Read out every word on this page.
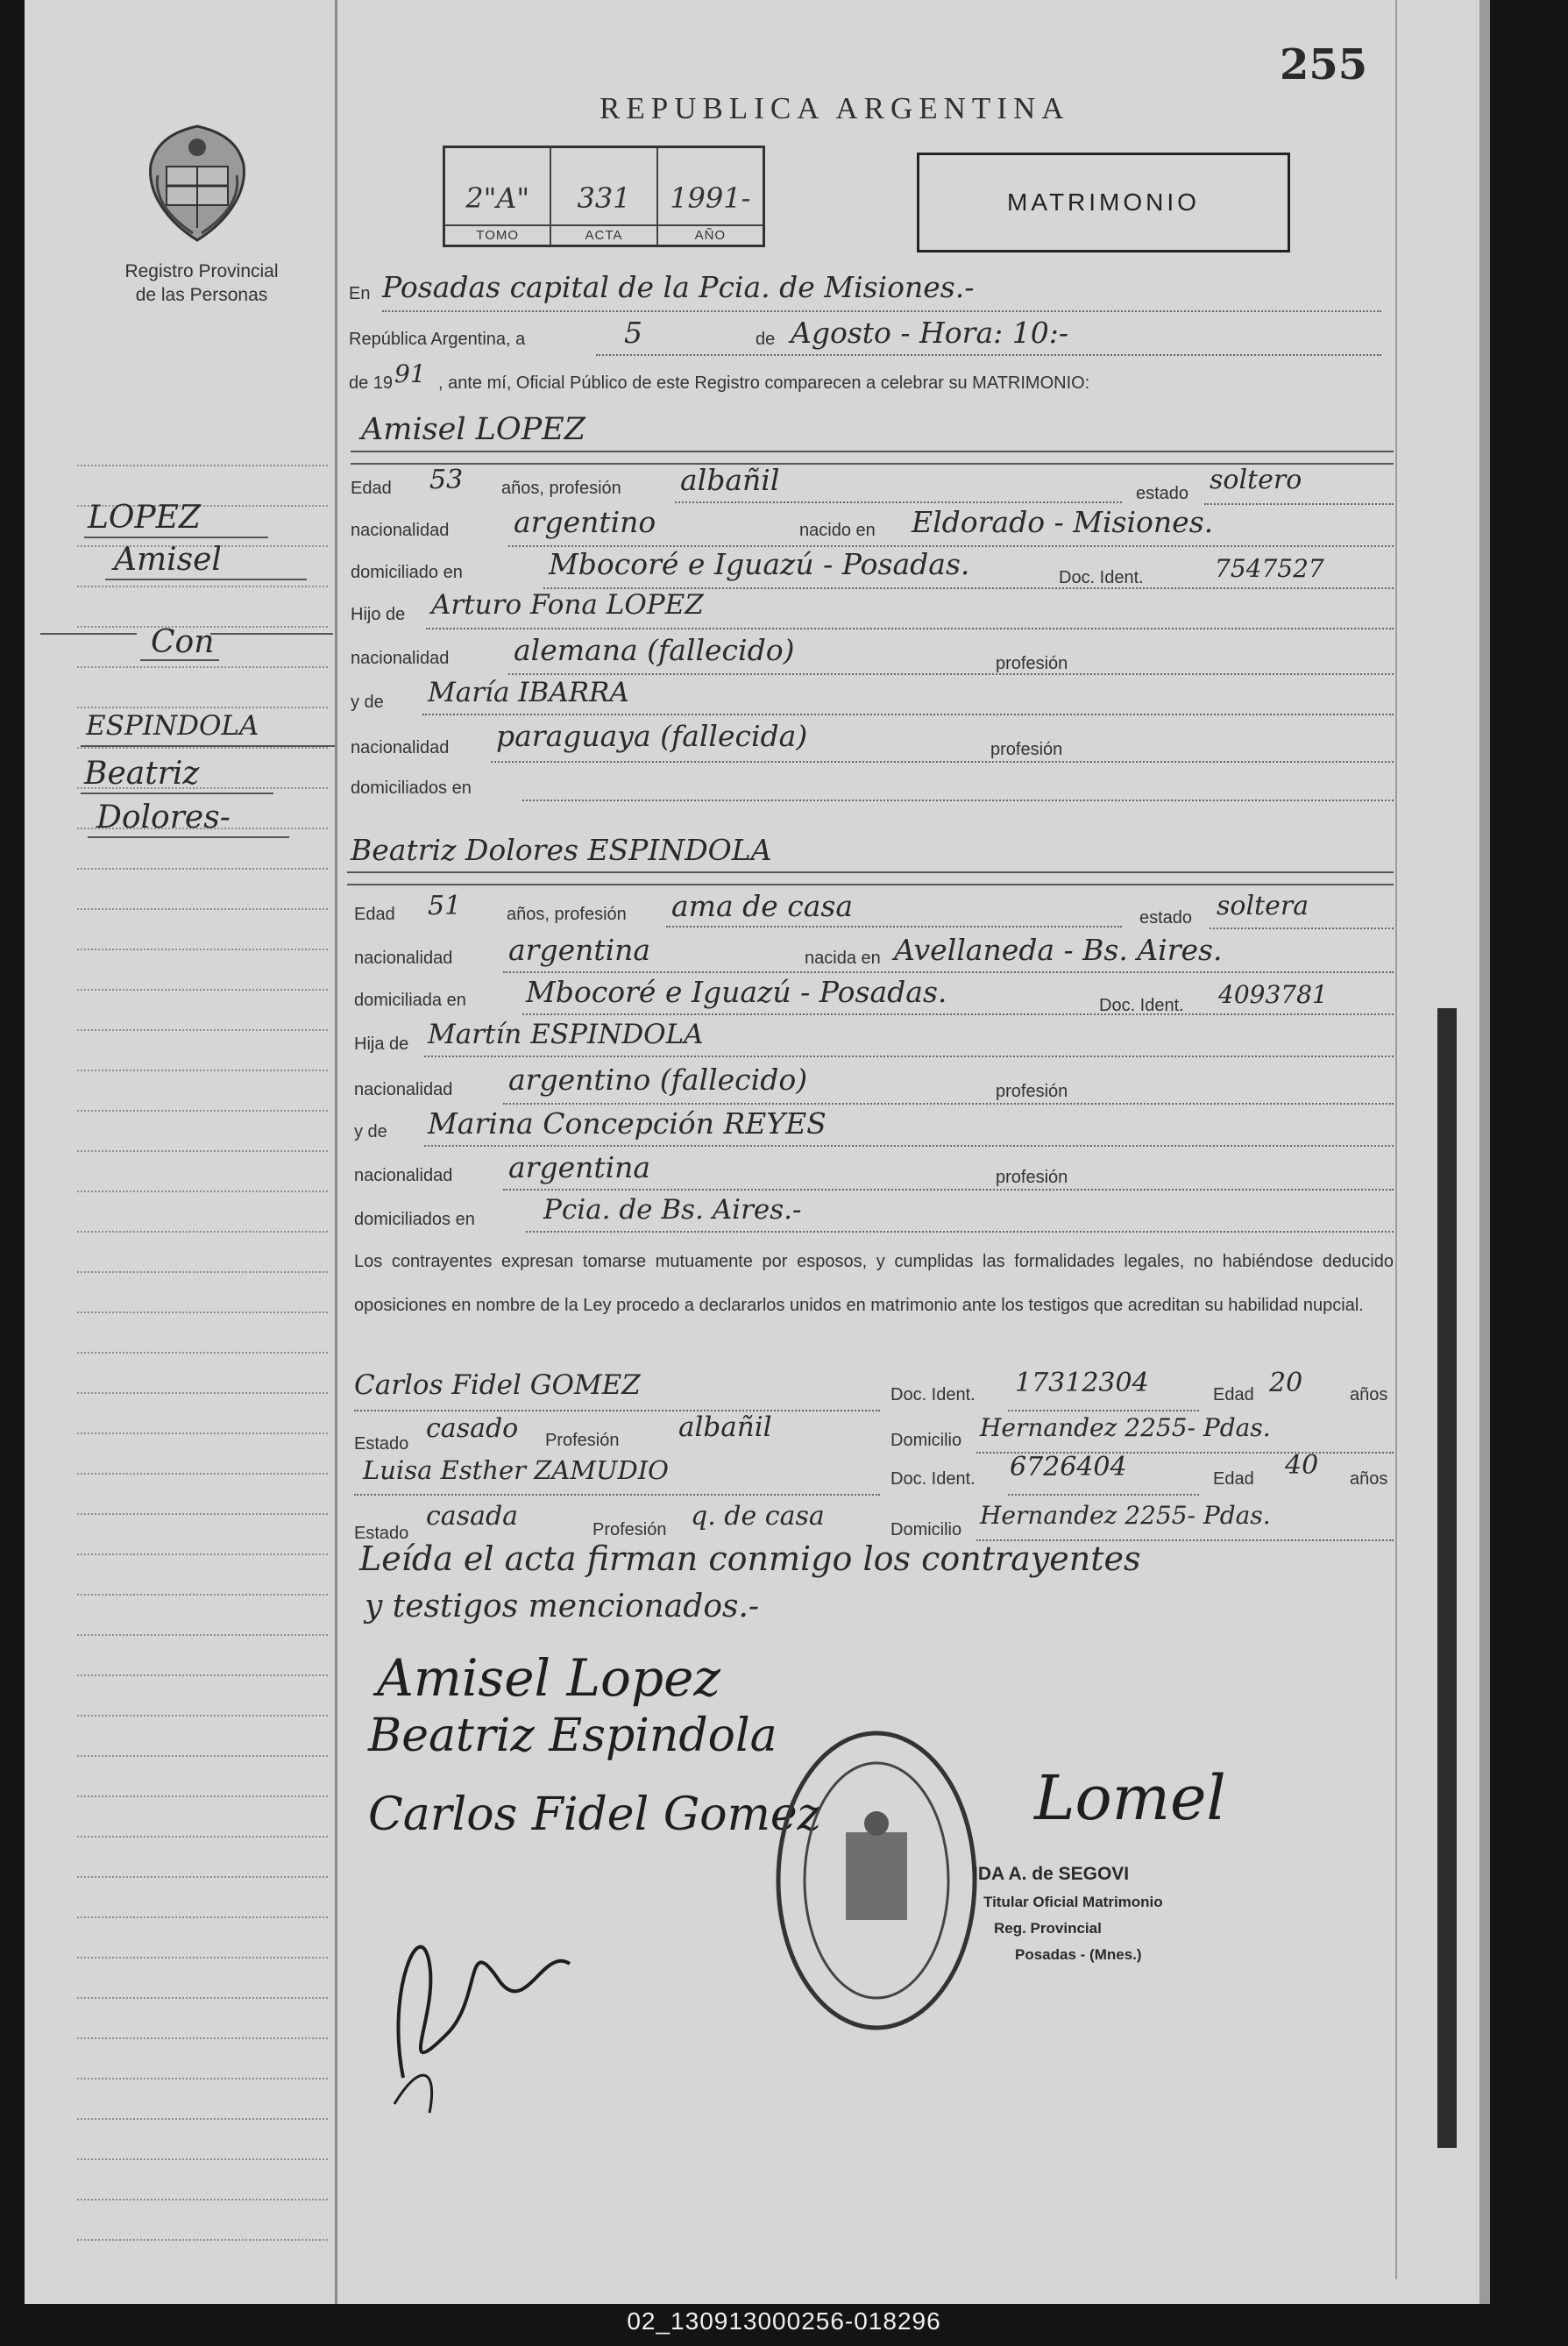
255
REPUBLICA ARGENTINA
Registro Provincial
de las Personas
2"A"
TOMO
331
ACTA
1991-
AÑO
MATRIMONIO
LOPEZ
Amisel
Con
ESPINDOLA
Beatriz
Dolores-
En Posadas capital de la Pcia. de Misiones.-
República Argentina, a	5	de Agosto - Hora: 10:-
de 19 91 , ante mí, Oficial Público de este Registro comparecen a celebrar su MATRIMONIO:
Amisel LOPEZ
Edad 53 años, profesión albañil	estado soltero
nacionalidad argentino	nacido en Eldorado - Misiones.
domiciliado en	Mbocoré e Iguazú - Posadas.	Doc. Ident.	7547527
Hijo de Arturo Fona LOPEZ
nacionalidad alemana (fallecido)	profesión
y de María IBARRA
nacionalidad paraguaya (fallecida)	profesión
domiciliados en
Beatriz Dolores ESPINDOLA
Edad 51	años, profesión ama de casa	estado soltera
nacionalidad argentina	nacida en Avellaneda - Bs. Aires.
domiciliada en Mbocoré e Iguazú - Posadas.	Doc. Ident. 4093781
Hija de Martín ESPINDOLA
nacionalidad argentino (fallecido)	profesión
y de Marina Concepción REYES
nacionalidad argentina	profesión
domiciliados en	Pcia. de Bs. Aires.-
Los contrayentes expresan tomarse mutuamente por esposos, y cumplidas las formalidades legales, no habiéndose deducido oposiciones en nombre de la Ley procedo a declararlos unidos en matrimonio ante los testigos que acreditan su habilidad nupcial.
Carlos Fidel GOMEZ	Doc. Ident. 17312304	Edad 20	años
Estado casado Profesión albañil	Domicilio Hernandez 2255- Pdas.
Luisa Esther ZAMUDIO	Doc. Ident. 6726404	Edad 40 años
Estado
casada	Profesión q. de casa	Domicilio Hernandez 2255- Pdas.
Leída el acta firman conmigo los contrayentes
y testigos mencionados.-
Amisel Lopez
Beatriz Espindola
Carlos Fidel Gomez	Lomel
IDA A. de SEGOVI
Titular Oficial Matrimonio
Reg. Provincial
Posadas - (Mnes.)
02_130913000256-018296
